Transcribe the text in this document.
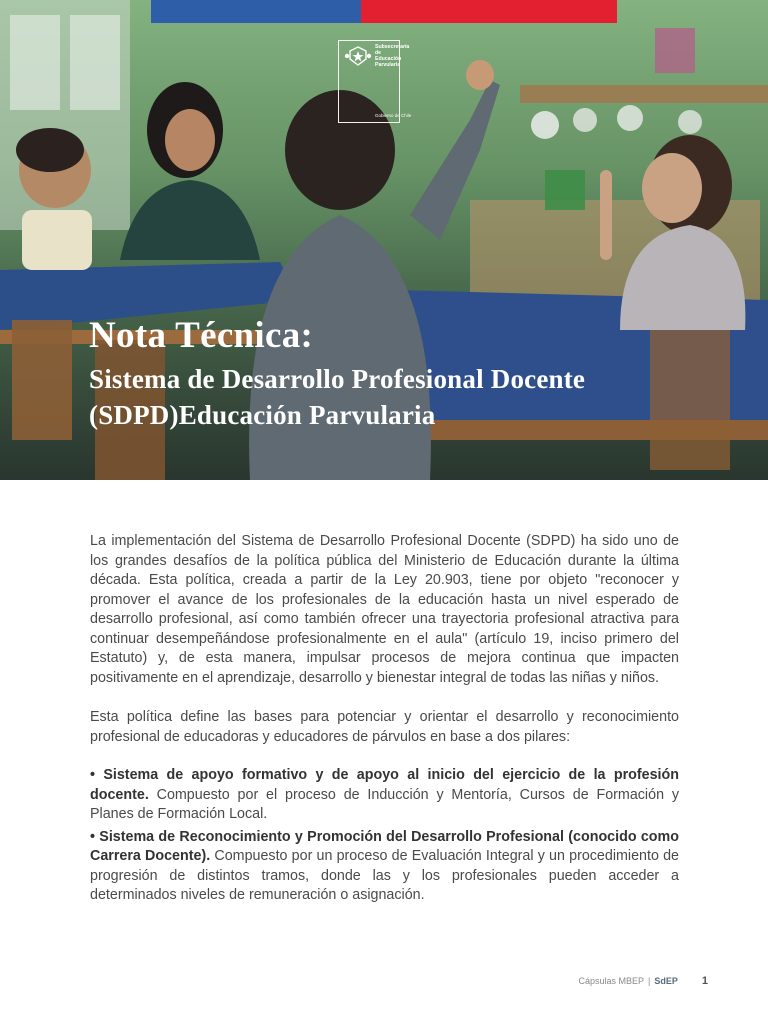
Subsecretaría
de Educación
Parvularia
Gobierno de Chile
Nota Técnica:
Sistema de Desarrollo Profesional Docente (SDPD)Educación Parvularia

La implementación del Sistema de Desarrollo Profesional Docente (SDPD) ha sido uno de los grandes desafíos de la política pública del Ministerio de Educación durante la última década. Esta política, creada a partir de la Ley 20.903, tiene por objeto "reconocer y promover el avance de los profesionales de la educación hasta un nivel esperado de desarrollo profesional, así como también ofrecer una trayectoria profesional atractiva para continuar desempeñándose profesionalmente en el aula" (artículo 19, inciso primero del Estatuto) y, de esta manera, impulsar procesos de mejora continua que impacten positivamente en el aprendizaje, desarrollo y bienestar integral de todas las niñas y niños.

Esta política define las bases para potenciar y orientar el desarrollo y reconocimiento profesional de educadoras y educadores de párvulos en base a dos pilares:

• Sistema de apoyo formativo y de apoyo al inicio del ejercicio de la profesión docente. Compuesto por el proceso de Inducción y Mentoría, Cursos de Formación y Planes de Formación Local.

• Sistema de Reconocimiento y Promoción del Desarrollo Profesional (conocido como Carrera Docente). Compuesto por un proceso de Evaluación Integral y un procedimiento de progresión de distintos tramos, donde las y los profesionales pueden acceder a determinados niveles de remuneración o asignación.

Cápsulas MBEP | SdEP 1
